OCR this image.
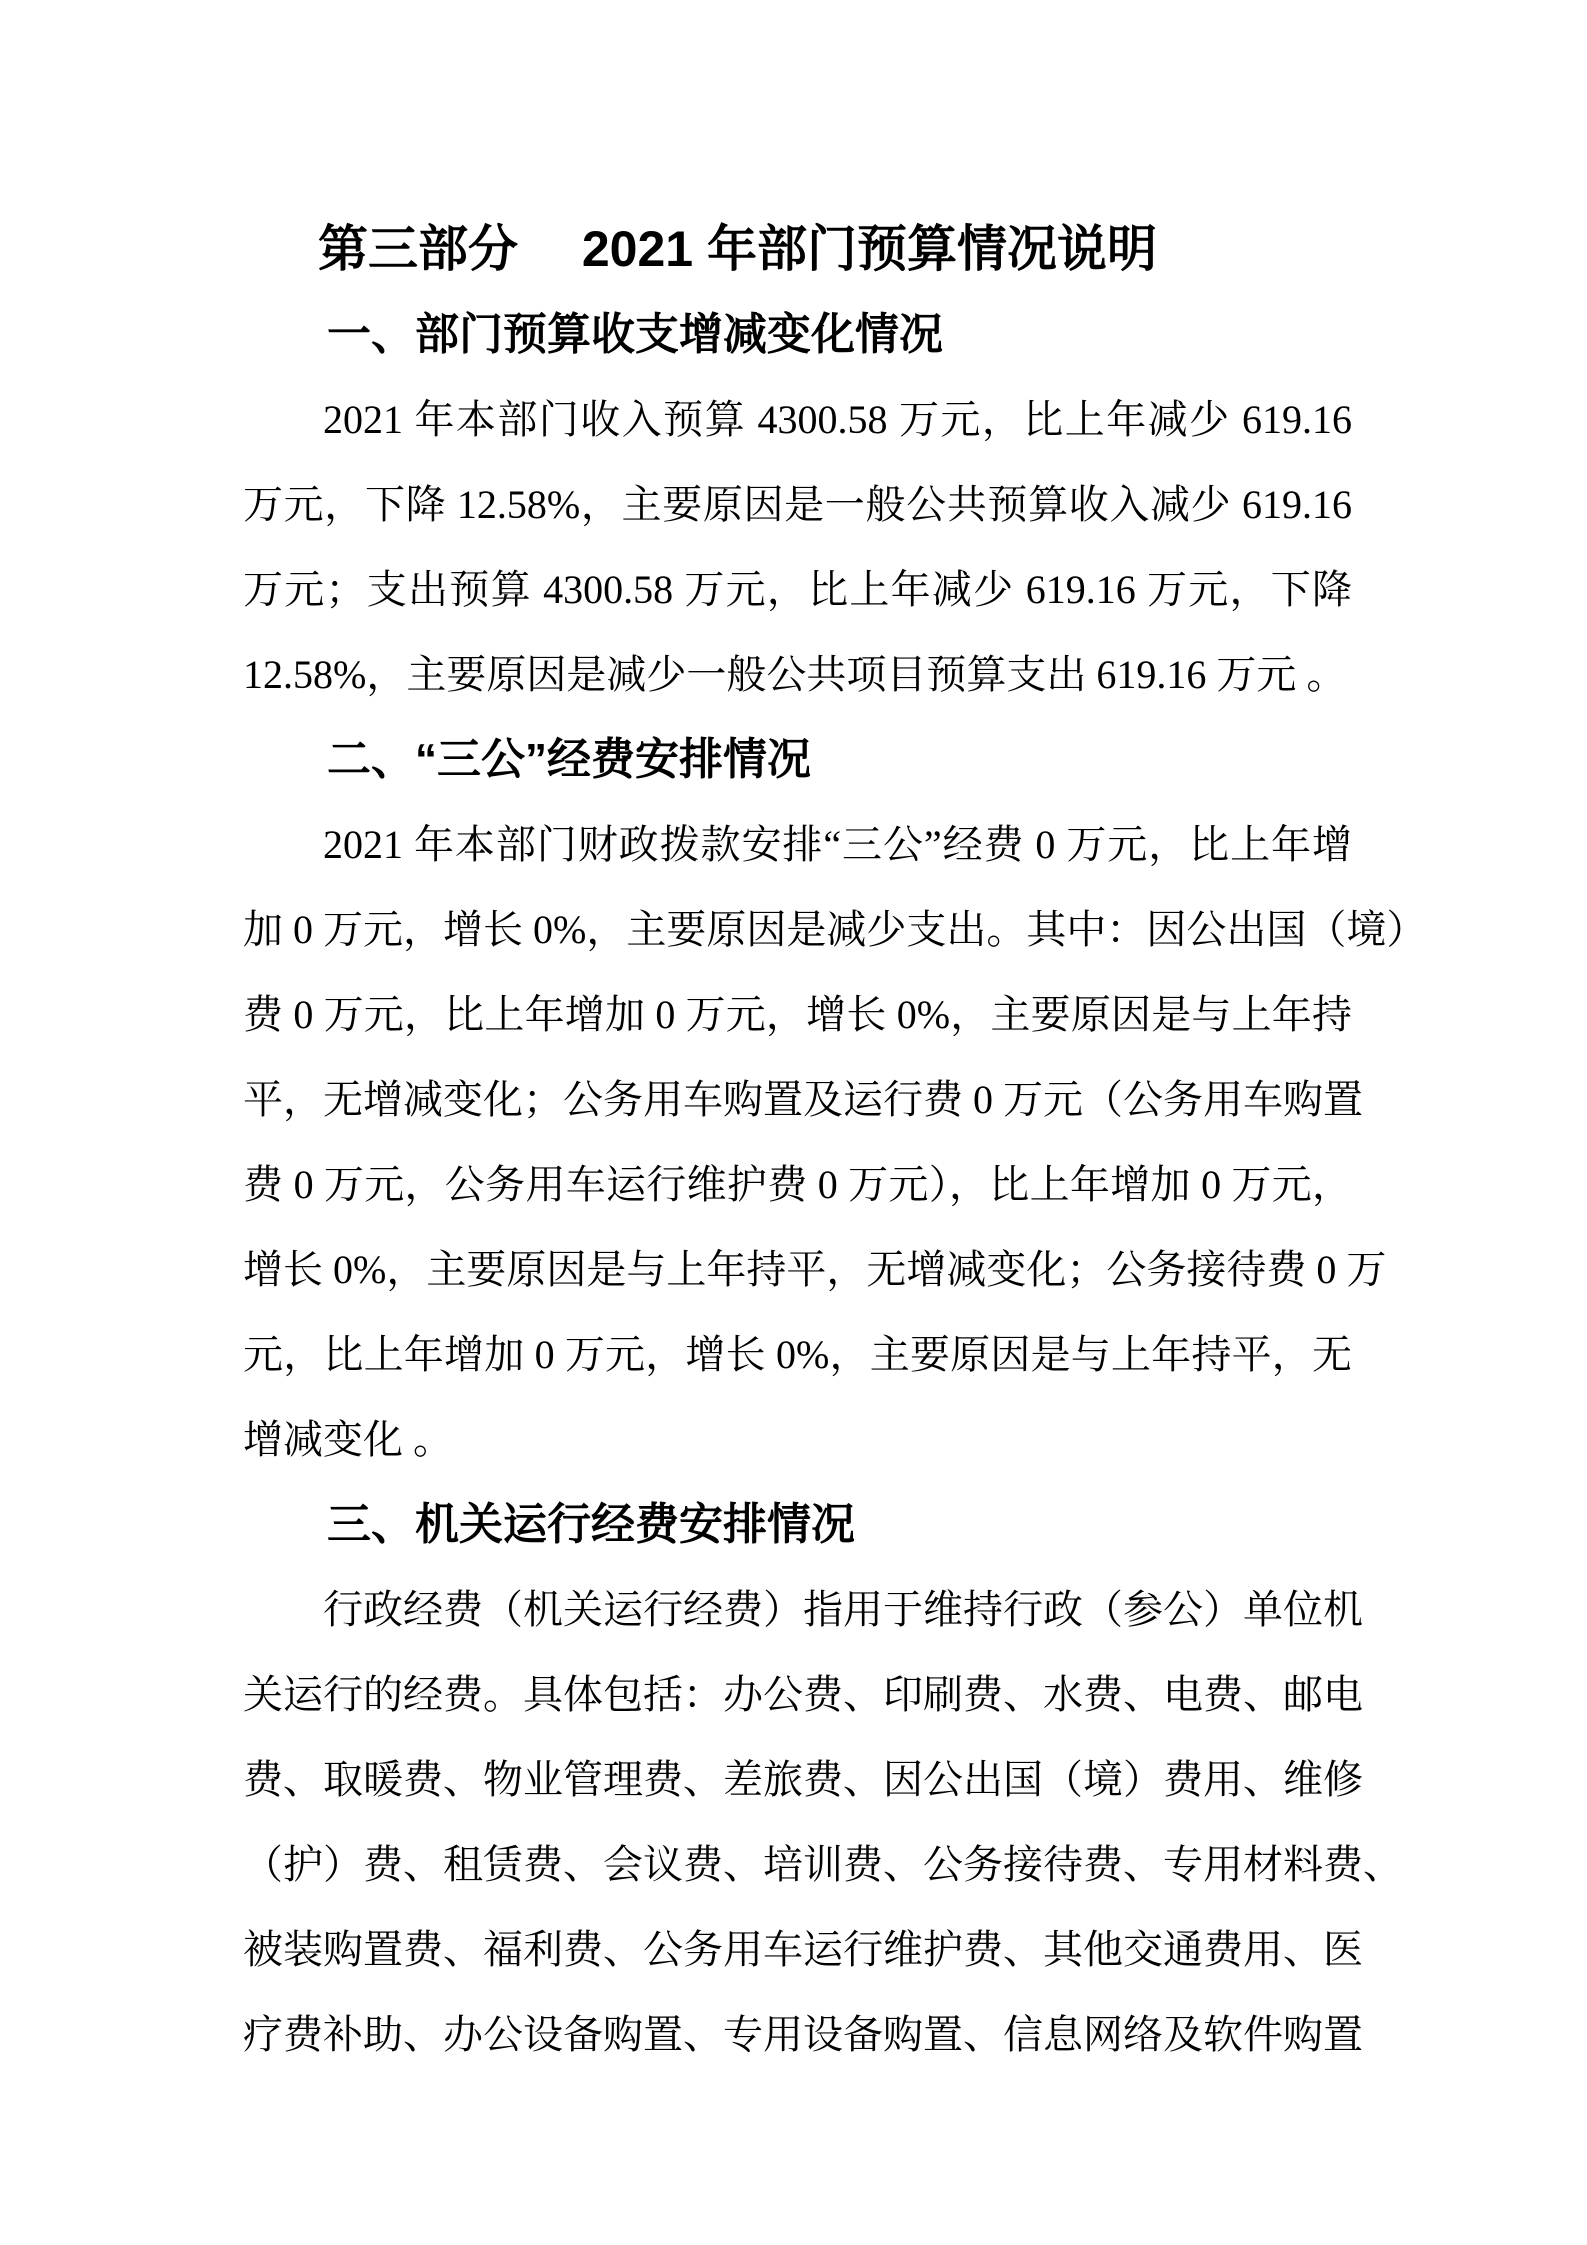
第三部分　 2021 年部门预算情况说明
一、部门预算收支增减变化情况
2021 年本部门收入预算 4300.58 万元，比上年减少 619.16
万元，下降 12.58%，主要原因是一般公共预算收入减少 619.16
万元；支出预算 4300.58 万元，比上年减少 619.16 万元，下降
12.58%，主要原因是减少一般公共项目预算支出 619.16 万元 。
二、“三公”经费安排情况
2021 年本部门财政拨款安排“三公”经费 0 万元，比上年增
加 0 万元，增长 0%，主要原因是减少支出。其中：因公出国（境）
费 0 万元，比上年增加 0 万元，增长 0%，主要原因是与上年持
平，无增减变化；公务用车购置及运行费 0 万元（公务用车购置
费 0 万元，公务用车运行维护费 0 万元），比上年增加 0 万元，
增长 0%，主要原因是与上年持平，无增减变化；公务接待费 0 万
元，比上年增加 0 万元，增长 0%，主要原因是与上年持平，无
增减变化 。
三、机关运行经费安排情况
行政经费（机关运行经费）指用于维持行政（参公）单位机
关运行的经费。具体包括：办公费、印刷费、水费、电费、邮电
费、取暖费、物业管理费、差旅费、因公出国（境）费用、维修
（护）费、租赁费、会议费、培训费、公务接待费、专用材料费、
被装购置费、福利费、公务用车运行维护费、其他交通费用、医
疗费补助、办公设备购置、专用设备购置、信息网络及软件购置
